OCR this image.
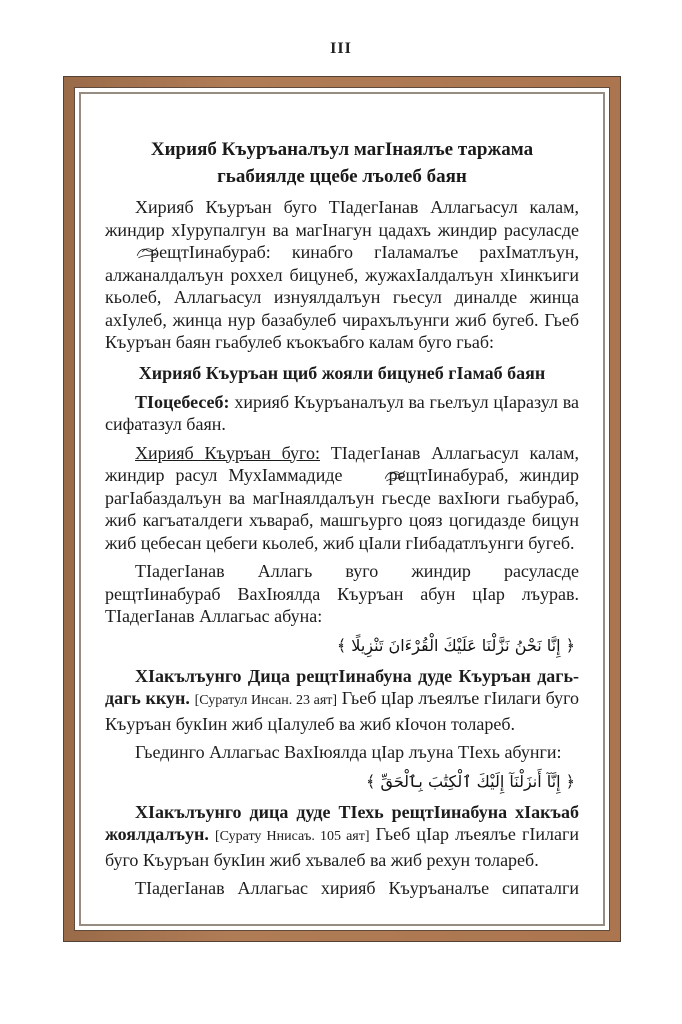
III
Хирияб Къуръаналъул магIнаялъе таржама гьабиялде ццебе лъолеб баян

Хирияб Къуръан буго ТIадегIанав Аллагьасул калам, жиндир хIурупалгун ва магIнагун цадахъ жиндир расуласде  рещтIинабураб: кинабго гIаламалъе рахIматлъун, алжаналдалъун роххел бицунеб, жужахIалдалъун хIинкъиги кьолеб, Аллагьасул изнуялдалъун гьесул диналде жинца ахIулеб, жинца нур базабулеб чирахълъунги жиб бугеб. Гьеб Къуръан баян гьабулеб къокъабго калам буго гьаб:

Хирияб Къуръан щиб жояли бицунеб гIамаб баян

ТIоцебесеб: хирияб Къуръаналъул ва гьелъул цIаразул ва сифатазул баян.

Хирияб Къуръан буго: ТIадегIанав Аллагьасул калам, жиндир расул МухIаммадиде	рещтIинабураб, жиндир рагIабаздалъун ва магIнаялдалъун гьесде вахIюги гьабураб, жиб кагъаталдеги хъвараб, машгьурго цояз цогидазде бицун жиб цебесан цебеги кьолеб, жиб цIали гIибадатлъунги бугеб.

ТIадегIанав Аллагь вуго жиндир расуласде рещтIинабураб ВахIюялда Къуръан абун цIар лъурав. ТIадегIанав Аллагьас абуна:

﴿ إِنَّا نَحْنُ نَزَّلْنَا عَلَيْكَ الْقُرْءَانَ تَنْزِيلًا ﴾

ХIакълъунго Дица рещтIинабуна дуде Къуръан дагь-дагь ккун. [Суратул Инсан. 23 аят] Гьеб цIар лъеялъе гIилаги буго Къуръан букIин жиб цIалулеб ва жиб кIочон толареб.

Гьединго Аллагьас ВахIюялда цIар лъуна ТIехь абунги:

﴿ إِنَّآ أَنزَلْنَآ إِلَيْكَ ٱلْكِتَٰبَ بِٱلْحَقِّ ﴾

ХIакълъунго дица дуде ТIехь рещтIинабуна хIакъаб жоялдалъун. [Сурату Ннисаъ. 105 аят] Гьеб цIар лъеялъе гIилаги буго Къуръан букIин жиб хъвалеб ва жиб рехун толареб.

ТIадегIанав Аллагьас хирияб Къуръаналъе сипаталги
